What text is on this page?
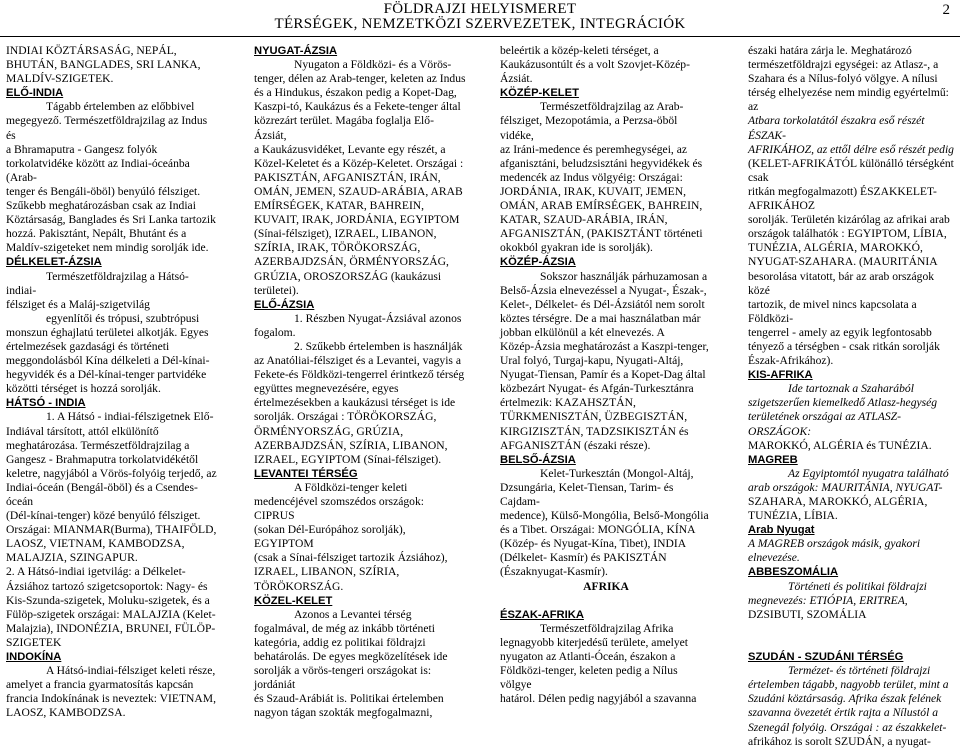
FÖLDRAJZI HELYISMERET
TÉRSÉGEK, NEMZETKÖZI SZERVEZETEK, INTEGRÁCIÓK
2
INDIAI KÖZTÁRSASÁG, NEPÁL,
BHUTÁN, BANGLADES, SRI LANKA,
MALDÍV-SZIGETEK.
ELŐ-INDIA
Tágabb értelemben az előbbivel
megegyező. Természetföldrajzilag az Indus és
a Bhramaputra - Gangesz folyók
torkolatvidéke között az Indiai-óceánba (Arab-
tenger és Bengáli-öböl) benyúló félsziget.
Szűkebb meghatározásban csak az Indiai
Köztársaság, Banglades és Sri Lanka tartozik
hozzá. Pakisztánt, Nepált, Bhutánt és a
Maldív-szigeteket nem mindig sorolják ide.
DÉLKELET-ÁZSIA
Természetföldrajzilag a Hátsó-indiai-
félsziget és a Maláj-szigetvilág
egyenlítői és trópusi, szubtrópusi
monszun éghajlatú területei alkotják. Egyes
értelmezések gazdasági és történeti
meggondolásból Kína délkeleti a Dél-kínai-
hegyvidék és a Dél-kínai-tenger partvidéke
közötti térséget is hozzá sorolják.
HÁTSÓ - INDIA
1. A Hátsó - indiai-félszigetnek Elő-
Indiával társított, attól elkülönítő
meghatározása. Természetföldrajzilag a
Gangesz - Brahmaputra torkolatvidékétől
keletre, nagyjából a Vörös-folyóig terjedő, az
Indiai-óceán (Bengál-öböl) és a Csendes-óceán
(Dél-kínai-tenger) közé benyúló félsziget.
Országai: MIANMAR(Burma), THAIFÖLD,
LAOSZ, VIETNAM, KAMBODZSA,
MALAJZIA, SZINGAPUR.
2. A Hátsó-indiai igetvilág: a Délkelet-
Ázsiához tartozó szigetcsoportok: Nagy- és
Kis-Szunda-szigetek, Moluku-szigetek, és a
Fülöp-szigetek országai: MALAJZIA (Kelet-
Malajzia), INDONÉZIA, BRUNEI, FÜLÖP-
SZIGETEK
INDOKÍNA
A Hátsó-indiai-félsziget keleti része,
amelyet a francia gyarmatosítás kapcsán
francia Indokínának is neveztek: VIETNAM,
LAOSZ, KAMBODZSA.
NYUGAT-ÁZSIA
Nyugaton a Földközi- és a Vörös-
tenger, délen az Arab-tenger, keleten az Indus
és a Hindukus, északon pedig a Kopet-Dag,
Kaszpi-tó, Kaukázus és a Fekete-tenger által
közrezárt terület. Magába foglalja Elő-Ázsiát,
a Kaukázusvidéket, Levante egy részét, a
Közel-Keletet és a Közép-Keletet. Országai :
PAKISZTÁN, AFGANISZTÁN, IRÁN,
OMÁN, JEMEN, SZAUD-ARÁBIA, ARAB
EMÍRSÉGEK, KATAR, BAHREIN,
KUVAIT, IRAK, JORDÁNIA, EGYIPTOM
(Sínai-félsziget), IZRAEL, LIBANON,
SZÍRIA, IRAK, TÖRÖKORSZÁG,
AZERBAJDZSÁN, ÖRMÉNYORSZÁG,
GRÚZIA, OROSZORSZÁG (kaukázusi
területei).
ELŐ-ÁZSIA
1. Részben Nyugat-Ázsiával azonos
fogalom.
2. Szűkebb értelemben is használják
az Anatóliai-félsziget és a Levantei, vagyis a
Fekete-és Földközi-tengerrel érintkező térség
együttes megnevezésére, egyes
értelmezésekben a kaukázusi térséget is ide
sorolják. Országai : TÖRÖKORSZÁG,
ÖRMÉNYORSZÁG, GRÚZIA,
AZERBAJDZSÁN, SZÍRIA, LIBANON,
IZRAEL, EGYIPTOM (Sínai-félsziget).
LEVANTEI TÉRSÉG
A Földközi-tenger keleti
medencéjével szomszédos országok: CIPRUS
(sokan Dél-Európához sorolják), EGYIPTOM
(csak a Sínai-félsziget tartozik Ázsiához),
IZRAEL, LIBANON, SZÍRIA,
TÖRÖKORSZÁG.
KÖZEL-KELET
Azonos a Levantei térség
fogalmával, de még az inkább történeti
kategória, addig ez politikai földrajzi
behatárolás. De egyes megközelítések ide
sorolják a vörös-tengeri országokat is: jordániát
és Szaud-Arábiát is. Politikai értelemben
nagyon tágan szokták megfogalmazni,
beleértik a közép-keleti térséget, a
Kaukázusontúlt és a volt Szovjet-Közép-
Ázsiát.
KÖZÉP-KELET
Természetföldrajzilag az Arab-
félsziget, Mezopotámia, a Perzsa-öböl vidéke,
az Iráni-medence és peremhegységei, az
afganisztáni, beludzsisztáni hegyvidékek és
medencék az Indus völgyéig: Országai:
JORDÁNIA, IRAK, KUVAIT, JEMEN,
OMÁN, ARAB EMÍRSÉGEK, BAHREIN,
KATAR, SZAUD-ARÁBIA, IRÁN,
AFGANISZTÁN, (PAKISZTÁNT történeti
okokból gyakran ide is sorolják).
KÖZÉP-ÁZSIA
Sokszor használják párhuzamosan a
Belső-Ázsia elnevezéssel a Nyugat-, Észak-,
Kelet-, Délkelet- és Dél-Ázsiától nem sorolt
köztes térségre. De a mai használatban már
jobban elkülönül a két elnevezés. A
Közép-Ázsia meghatározást a Kaszpi-tenger,
Ural folyó, Turgaj-kapu, Nyugati-Altáj,
Nyugat-Tiensan, Pamír és a Kopet-Dag által
közbezárt Nyugat- és Afgán-Turkesztánra
értelmezik: KAZAHSZTÁN,
TÜRKMENISZTÁN, ÜZBEGISZTÁN,
KIRGIZISZTÁN, TADZSIKISZTÁN és
AFGANISZTÁN (északi része).
BELSŐ-ÁZSIA
Kelet-Turkesztán (Mongol-Altáj,
Dzsungária, Kelet-Tiensan, Tarim- és Cajdam-
medence), Külső-Mongólia, Belső-Mongólia
és a Tibet. Országai: MONGÓLIA, KÍNA
(Közép- és Nyugat-Kína, Tibet), INDIA
(Délkelet- Kasmír) és PAKISZTÁN
(Északnyugat-Kasmír).
AFRIKA

ÉSZAK-AFRIKA
Természetföldrajzilag Afrika
legnagyobb kiterjedésű területe, amelyet
nyugaton az Atlanti-Óceán, északon a
Földközi-tenger, keleten pedig a Nílus völgye
határol. Délen pedig nagyjából a szavanna
északi határa zárja le. Meghatározó
természetföldrajzi egységei: az Atlasz-, a
Szahara és a Nílus-folyó völgye. A nílusi
térség elhelyezése nem mindig egyértelmű: az
Atbara torkolatától északra eső részét ÉSZAK-
AFRIKÁHOZ, az ettől délre eső részét pedig
(KELET-AFRIKÁTÓL különálló térségként csak
ritkán megfogalmazott) ÉSZAKKELET-AFRIKÁHOZ
sorolják. Területén kizárólag az afrikai arab
országok találhatók : EGYIPTOM, LÍBIA,
TUNÉZIA, ALGÉRIA, MAROKKÓ,
NYUGAT-SZAHARA. (MAURITÁNIA
besorolása vitatott, bár az arab országok közé
tartozik, de mivel nincs kapcsolata a Földközi-
tengerrel - amely az egyik legfontosabb
tényező a térségben - csak ritkán sorolják
Észak-Afrikához).
KIS-AFRIKA
Ide tartoznak a Szaharából
szigetszerűen kiemelkedő Atlasz-hegység
területének országai az ATLASZ-ORSZÁGOK:
MAROKKÓ, ALGÉRIA és TUNÉZIA.
MAGREB
Az Egyiptomtól nyugatra található
arab országok: MAURITÁNIA, NYUGAT-
SZAHARA, MAROKKÓ, ALGÉRIA,
TUNÉZIA, LÍBIA.
Arab Nyugat
A MAGREB országok másik, gyakori
elnevezése.
ABBESZOMÁLIA
Történeti és politikai földrajzi
megnevezés: ETIÓPIA, ERITREA,
DZSIBUTI, SZOMÁLIA

SZUDÁN - SZUDÁNI TÉRSÉG
Termézet- és történeti földrajzi
értelemben tágabb, nagyobb terület, mint a
Szudáni köztársaság. Afrika észak felének
szavanna övezetét értik rajta a Nílustól a
Szenegál folyóig. Országai : az északkelet-
afrikához is sorolt SZUDÁN, a nyugat-
